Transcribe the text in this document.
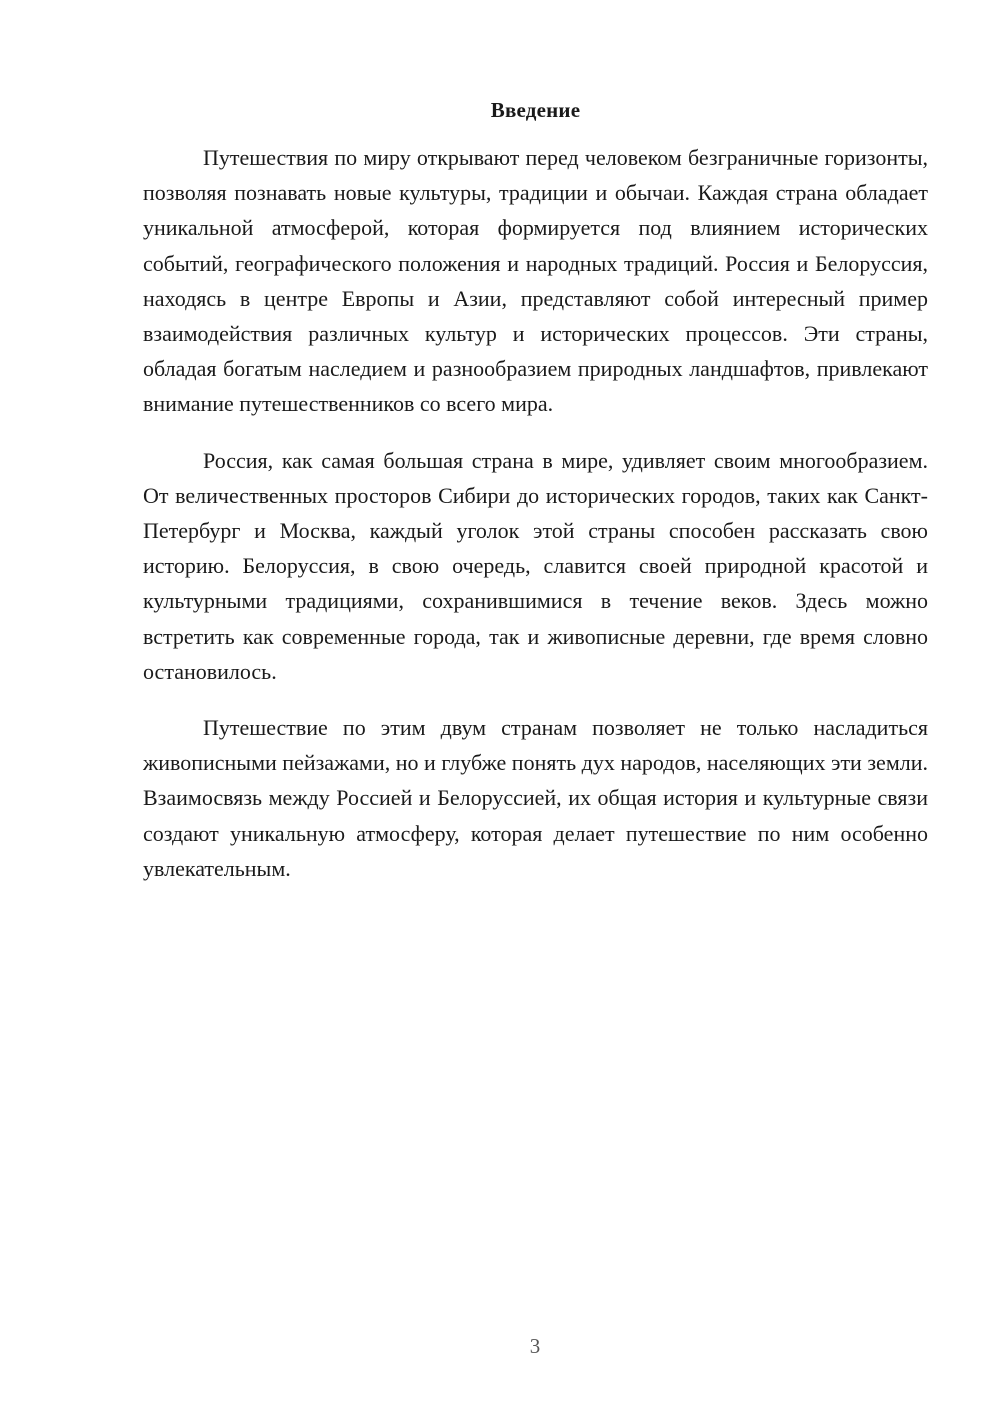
Введение

Путешествия по миру открывают перед человеком безграничные горизонты, позволяя познавать новые культуры, традиции и обычаи. Каждая страна обладает уникальной атмосферой, которая формируется под влиянием исторических событий, географического положения и народных традиций. Россия и Белоруссия, находясь в центре Европы и Азии, представляют собой интересный пример взаимодействия различных культур и исторических процессов. Эти страны, обладая богатым наследием и разнообразием природных ландшафтов, привлекают внимание путешественников со всего мира.

Россия, как самая большая страна в мире, удивляет своим многообразием. От величественных просторов Сибири до исторических городов, таких как Санкт-Петербург и Москва, каждый уголок этой страны способен рассказать свою историю. Белоруссия, в свою очередь, славится своей природной красотой и культурными традициями, сохранившимися в течение веков. Здесь можно встретить как современные города, так и живописные деревни, где время словно остановилось.

Путешествие по этим двум странам позволяет не только насладиться живописными пейзажами, но и глубже понять дух народов, населяющих эти земли. Взаимосвязь между Россией и Белоруссией, их общая история и культурные связи создают уникальную атмосферу, которая делает путешествие по ним особенно увлекательным.

3
